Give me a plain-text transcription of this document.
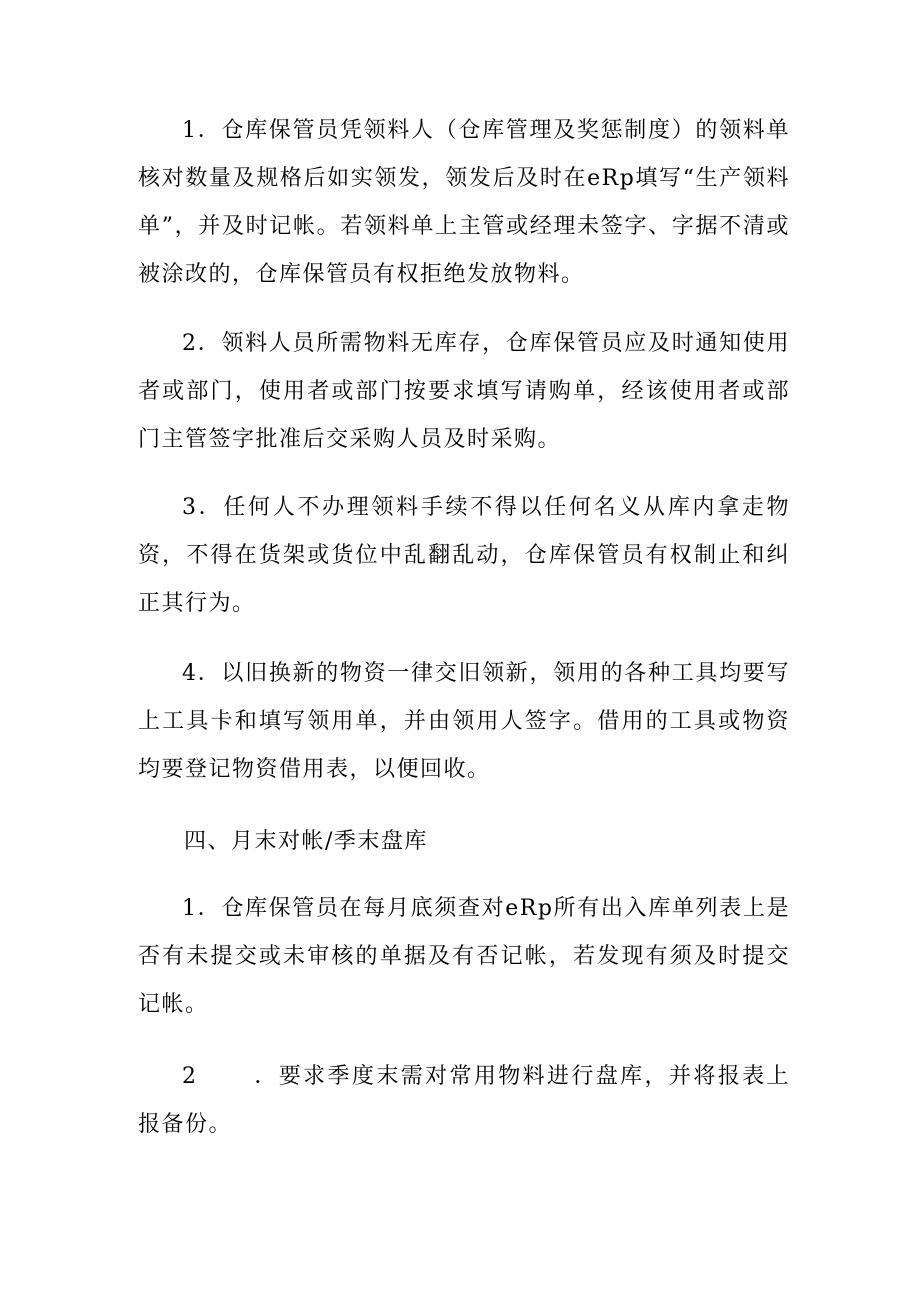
1．仓库保管员凭领料人（仓库管理及奖惩制度）的领料单核对数量及规格后如实领发，领发后及时在eRp填写“生产领料单”，并及时记帐。若领料单上主管或经理未签字、字据不清或被涂改的，仓库保管员有权拒绝发放物料。

2．领料人员所需物料无库存，仓库保管员应及时通知使用者或部门，使用者或部门按要求填写请购单，经该使用者或部门主管签字批准后交采购人员及时采购。

3．任何人不办理领料手续不得以任何名义从库内拿走物资，不得在货架或货位中乱翻乱动，仓库保管员有权制止和纠正其行为。

4．以旧换新的物资一律交旧领新，领用的各种工具均要写上工具卡和填写领用单，并由领用人签字。借用的工具或物资均要登记物资借用表，以便回收。

四、月末对帐/季末盘库

1．仓库保管员在每月底须查对eRp所有出入库单列表上是否有未提交或未审核的单据及有否记帐，若发现有须及时提交记帐。

2	．要求季度末需对常用物料进行盘库，并将报表上报备份。
